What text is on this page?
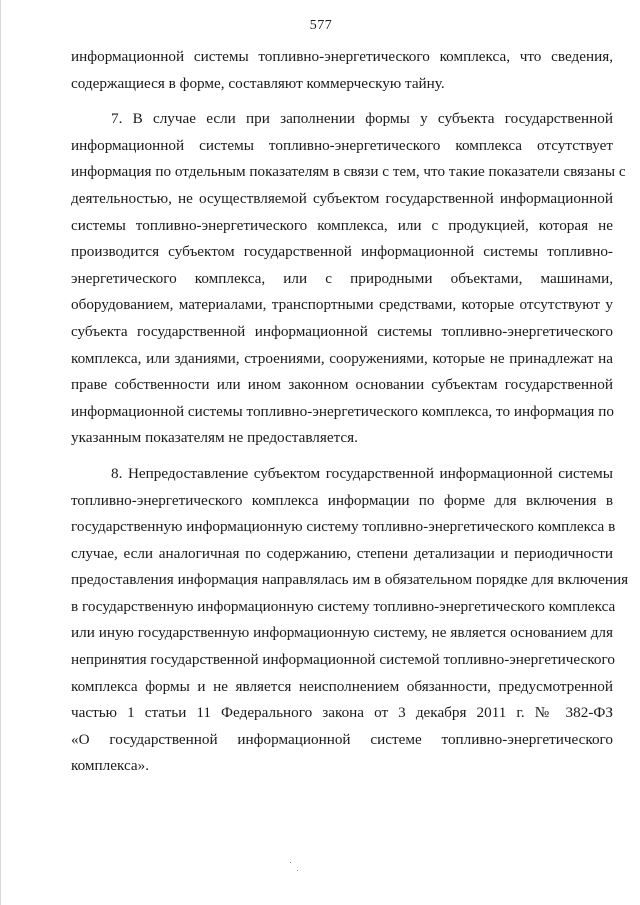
577

информационной системы топливно-энергетического комплекса, что сведения,
содержащиеся в форме, составляют коммерческую тайну.

7. В случае если при заполнении формы у субъекта государственной
информационной системы топливно-энергетического комплекса отсутствует
информация по отдельным показателям в связи с тем, что такие показатели связаны с
деятельностью, не осуществляемой субъектом государственной информационной
системы топливно-энергетического комплекса, или с продукцией, которая не
производится субъектом государственной информационной системы топливно-
энергетического комплекса, или с природными объектами, машинами,
оборудованием, материалами, транспортными средствами, которые отсутствуют у
субъекта государственной информационной системы топливно-энергетического
комплекса, или зданиями, строениями, сооружениями, которые не принадлежат на
праве собственности или ином законном основании субъектам государственной
информационной системы топливно-энергетического комплекса, то информация по
указанным показателям не предоставляется.

8. Непредоставление субъектом государственной информационной системы
топливно-энергетического комплекса информации по форме для включения в
государственную информационную систему топливно-энергетического комплекса в
случае, если аналогичная по содержанию, степени детализации и периодичности
предоставления информация направлялась им в обязательном порядке для включения
в государственную информационную систему топливно-энергетического комплекса
или иную государственную информационную систему, не является основанием для
непринятия государственной информационной системой топливно-энергетического
комплекса формы и не является неисполнением обязанности, предусмотренной
частью 1 статьи 11 Федерального закона от 3 декабря 2011 г. № 382-ФЗ
«О государственной информационной системе топливно-энергетического
комплекса».
